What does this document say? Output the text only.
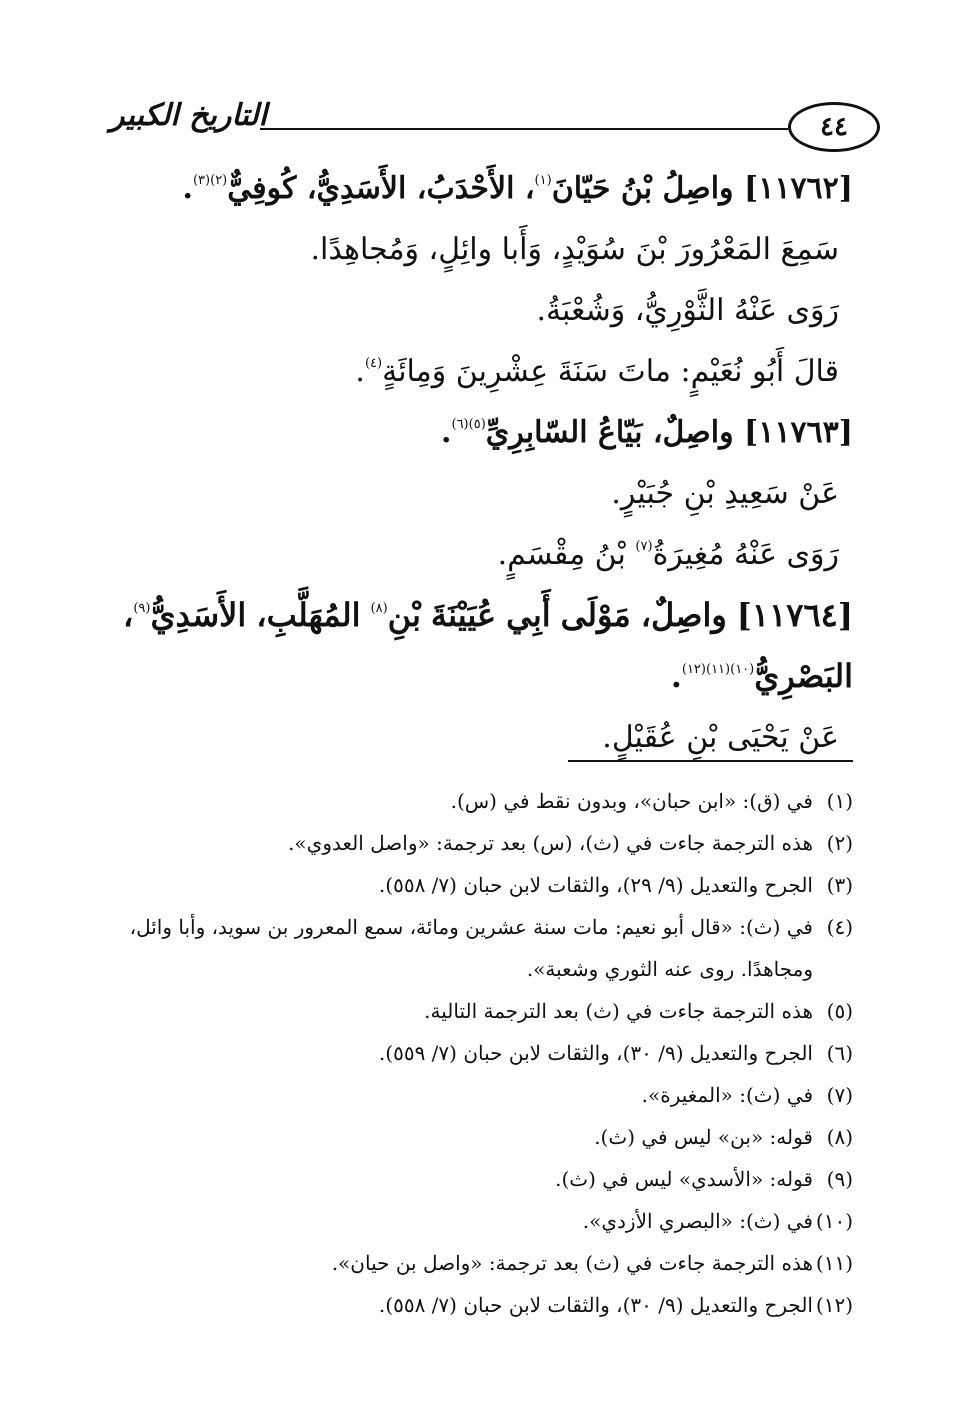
٤٤
التاريخ الكبير
[١١٧٦٢] واصِلُ بْنُ حَيّانَ$^{(١)}$، الأَحْدَبُ، الأَسَدِيُّ، كُوفِيٌّ$^{(٢)(٣)}$.
سَمِعَ المَعْرُورَ بْنَ سُوَيْدٍ، وَأَبا وائِلٍ، وَمُجاهِدًا.
رَوَى عَنْهُ الثَّوْرِيُّ، وَشُعْبَةُ.
قالَ أَبُو نُعَيْمٍ: ماتَ سَنَةَ عِشْرِينَ وَمِائَةٍ$^{(٤)}$.
[١١٧٦٣] واصِلٌ، بَيّاعُ السّابِرِيِّ$^{(٥)(٦)}$.
عَنْ سَعِيدِ بْنِ جُبَيْرٍ.
رَوَى عَنْهُ مُغِيرَةُ$^{(٧)}$ بْنُ مِقْسَمٍ.
[١١٧٦٤]
واصِلٌ،
مَوْلَى
أَبِي
عُيَيْنَةَ
بْنِ$^{(٨)}$
المُهَلَّبِ،
الأَسَدِيُّ$^{(٩)}$،
البَصْرِيُّ$^{(١٠)(١١)(١٢)}$.
عَنْ يَحْيَى بْنِ عُقَيْلٍ.
(١)
في (ق): «ابن حبان»، وبدون نقط في (س).
(٢)
هذه الترجمة جاءت في (ث)، (س) بعد ترجمة: «واصل العدوي».
(٣)
الجرح والتعديل (٩/ ٢٩)، والثقات لابن حبان (٧/ ٥٥٨).
(٤)
في (ث): «قال أبو نعيم: مات سنة عشرين ومائة، سمع المعرور بن سويد، وأبا وائل،
ومجاهدًا. روى عنه الثوري وشعبة».
(٥)
هذه الترجمة جاءت في (ث) بعد الترجمة التالية.
(٦)
الجرح والتعديل (٩/ ٣٠)، والثقات لابن حبان (٧/ ٥٥٩).
(٧)
في (ث): «المغيرة».
(٨)
قوله: «بن» ليس في (ث).
(٩)
قوله: «الأسدي» ليس في (ث).
(١٠)
في (ث): «البصري الأزدي».
(١١)
هذه الترجمة جاءت في (ث) بعد ترجمة: «واصل بن حيان».
(١٢)
الجرح والتعديل (٩/ ٣٠)، والثقات لابن حبان (٧/ ٥٥٨).
